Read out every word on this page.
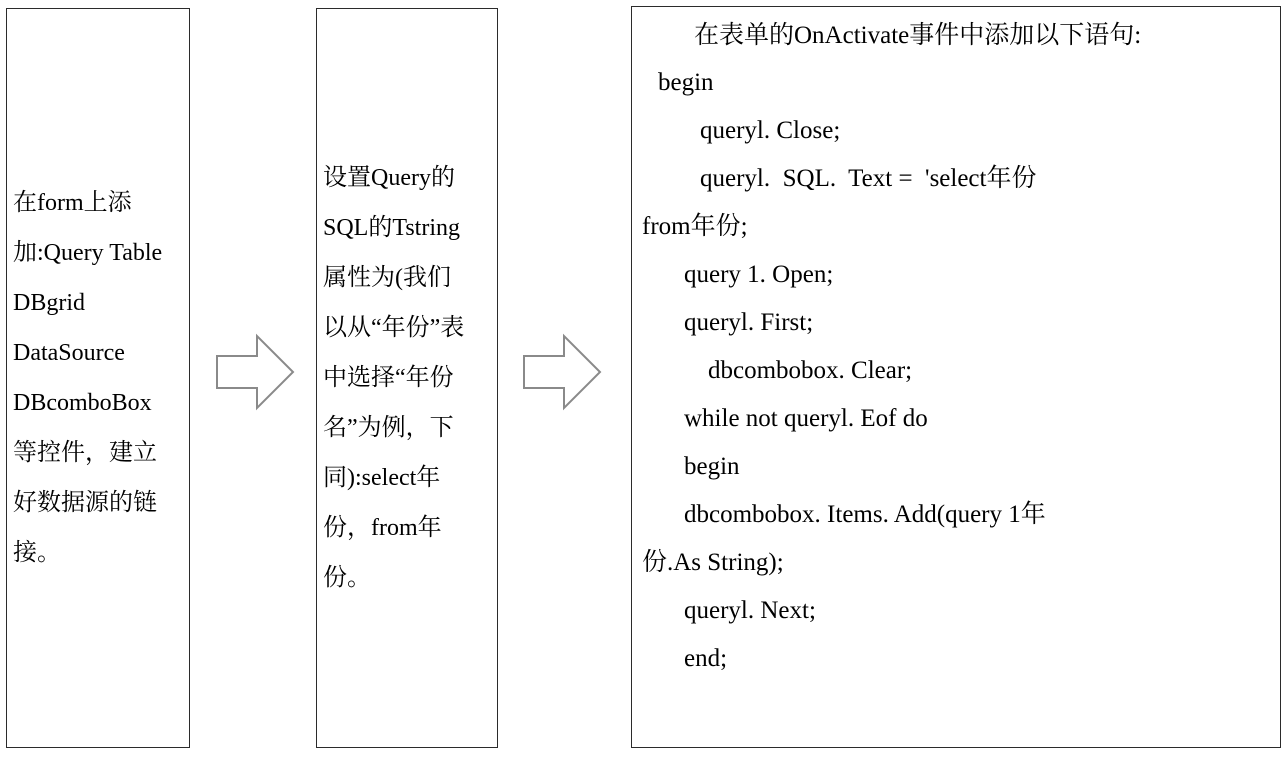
在form上添
加:Query Table
DBgrid
DataSource
DBcomboBox
等控件，建立
好数据源的链
接。
设置Query的
SQL的Tstring
属性为(我们
以从“年份”表
中选择“年份
名”为例，下
同):select年
份，from年
份。
在表单的OnActivate事件中添加以下语句:
begin
queryl. Close;
queryl.  SQL.  Text =  'select年份
from年份;
query 1. Open;
queryl. First;
dbcombobox. Clear;
while not queryl. Eof do
begin
dbcombobox. Items. Add(query 1年
份.As String);
queryl. Next;
end;
